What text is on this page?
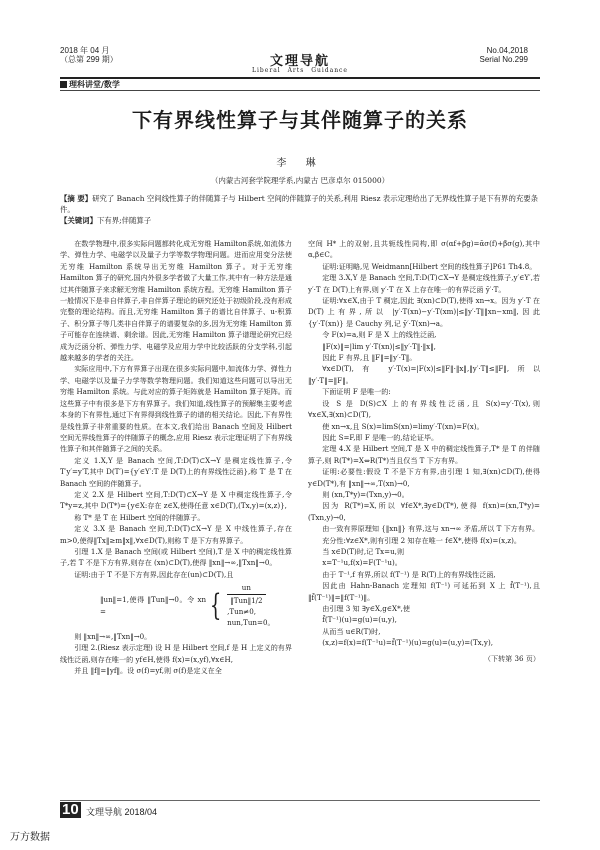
2018 年 04 月
（总第 299 期）
No.04,2018
Serial No.299
文理导航
Liberal Arts Guidance
理科讲堂/数学
下有界线性算子与其伴随算子的关系
李 琳
（内蒙古河套学院理学系,内蒙古 巴彦卓尔 015000）
【摘 要】研究了 Banach 空间线性算子的伴随算子与 Hilbert 空间的伴随算子的关系,利用 Riesz 表示定理给出了无界线性算子是下有界的充要条件。
【关键词】下有界;伴随算子

在数学物理中,很多实际问题都转化成无穷维 Hamilton系统,如流体力学、弹性力学、电磁学以及量子力学等数学物理问题。进而应用变分法使无穷维 Hamilton 系统导出无穷维 Hamilton 算子。对于无穷维 Hamilton 算子的研究,国内外很多学者做了大量工作,其中有一种方法是通过其伴随算子来求解无穷维 Hamilton 系统方程。无穷维 Hamilton 算子一般情况下是非自伴算子,非自伴算子理论的研究还处于初级阶段,没有形成完整的理论结构。而且,无穷维 Hamilton 算子的谱比自伴算子、u-积算子、积分算子等几类非自伴算子的谱要复杂的多,因为无穷维 Hamilton 算子可能存在连续谱、剩余谱。因此,无穷维 Hamilton 算子谱理论研究已经成为泛函分析、弹性力学、电磁学及应用力学中比较活跃的分支学科,引起越来越多的学者的关注。

实际应用中,下方有界算子出现在很多实际问题中,如流体力学、弹性力学、电磁学以及量子力学等数学物理问题。我们知道这些问题可以导出无穷维 Hamilton 系统。与此对应的算子矩阵就是 Hamilton 算子矩阵。而这些算子中有很多是下方有界算子。我们知道,线性算子的预解集主要考虑本身的下有界性,通过下有界得到线性算子的谱的相关结论。因此,下有界性是线性算子非常重要的性质。在本文,我们给出 Banach 空间及 Hilbert 空间无界线性算子的伴随算子的概念,应用 Riesz 表示定理证明了下有界线性算子和其伴随算子之间的关系。

定义 1.X,Y 是 Banach 空间,T:D(T)⊂X→Y 是稠定线性算子,令 T′y′=y′T,其中 D(T′)={y′∈Y′:T 是 D(T)上的有界线性泛函},称 T′ 是 T 在 Banach 空间的伴随算子。

定义 2.X 是 Hilbert 空间,T:D(T)⊂X→Y 是 X 中稠定线性算子,令 T*y=z,其中 D(T*)={y∈X:存在 z∈X,使得任意 x∈D(T),(Tx,y)=(x,z)},

称 T* 是 T 在 Hilbert 空间的伴随算子。

定义 3.X 是 Banach 空间,T:D(T)⊂X→Y 是 X 中线性算子,存在 m>0,使得‖Tx‖≥m‖x‖,∀x∈D(T),则称 T 是下方有界算子。

引理 1.X 是 Banach 空间(或 Hilbert 空间),T 是 X 中的稠定线性算子,若 T 不是下方有界,则存在 (xn)⊂D(T),使得 ‖xn‖→∞,‖Txn‖→0。

证明:由于 T 不是下方有界,因此存在(un)⊂D(T),且

‖un‖=1,使得 ‖Tun‖→0。令 xn =	{ $\frac{un}{\text{‖Tun‖1/2}}$
,Tun≠0,
nun,Tun=0。

则 ‖xn‖→∞,‖Txn‖→0。

引理 2.(Riesz 表示定理) 设 H 是 Hilbert 空间,f 是 H 上定义的有界线性泛函,则存在唯一的 yf∈H,使得 f(x)=(x,yf),∀x∈H,

并且 ‖f‖=‖yf‖。设 σ(f)=yf,则 σ(f)是定义在全

空间 H* 上的双射,且共轭线性同构,即 σ(αf+βg)=ᾱσ(f)+β̄σ(g),其中 α,β∈C。

证明:证明略,见 Weidmann[Hilbert 空间的线性算子]P61 Th4.8。

定理 3.X,Y 是 Banach 空间,T:D(T)⊂X→Y 是稠定线性算子,y′∈Y′,若 y′·T 在 D(T)上有界,则 y′·T 在 X 上存在唯一的有界泛函 ȳ′·T。

证明:∀x∈X,由于 T 稠定,因此 ∃(xn)⊂D(T),使得 xn→x。因为 y′·T 在 D(T)上有界,所以 |y′·T(xn)−y′·T(xm)|≤‖y′·T‖‖xn−xm‖,因此 {y′·T(xn)} 是 Cauchy 列,记 ȳ′·T(xn)→a。

令 F(x)=a,则 F 是 X 上的线性泛函,

‖F(x)‖=|lim y′·T(xn)|≤‖y′·T‖·‖x‖,

因此 F 有界,且 ‖F‖=‖y′·T‖。

∀x∈D(T),有 y′·T(x)=|F(x)|≤‖F‖·‖x‖,‖y′·T‖≤‖F‖,所以 ‖y′·T‖=‖F‖。

下面证明 F 是唯一的:

设 S 是 D(S)⊂X 上的有界线性泛函,且 S(x)=y′·T(x),则 ∀x∈X,∃(xn)⊂D(T),

使 xn→x,且 S(x)=limS(xn)=limy′·T(xn)=F(x)。

因此 S=F,即 F 是唯一的,结论证毕。

定理 4.X 是 Hilbert 空间,T 是 X 中的稠定线性算子,T* 是 T 的伴随算子,则 R(T*)=X⇔R(T*)当且仅当 T 下方有界。

证明:必要性:假设 T 不是下方有界,由引理 1 知,∃(xn)⊂D(T),使得 y∈D(T*),有 ‖xn‖→∞,T(xn)→0,

则 (xn,T*y)=(Txn,y)→0。

因为 R(T*)=X,所以 ∀f∈X*,∃y∈D(T*),使得 f(xn)=(xn,T*y)=(Txn,y)→0,

由一致有界原理知 {‖xn‖} 有界,这与 xn→∞ 矛盾,所以 T 下方有界。

充分性:∀z∈X*,则有引理 2 知存在唯一 f∈X*,使得 f(x)=(x,z)。

当 x∈D(T)时,记 Tx=u,则

x=T⁻¹u,f(x)=F(T⁻¹u)。

由于 T⁻¹,f 有界,所以 f(T⁻¹) 是 R(T)上的有界线性泛函,

因此由 Hahn-Banach 定理知 f(T⁻¹) 可延拓到 X 上 f̄(T⁻¹),且 ‖f̄(T⁻¹)‖=‖f(T⁻¹)‖。

由引理 3 知 ∃y∈X,g∈X*,使

f̄(T⁻¹)(u)=g(u)=(u,y),

从而当 u∈R(T)时,

(x,z)=f(x)=f(T⁻¹u)=f̄(T⁻¹)(u)=g(u)=(u,y)=(Tx,y),

（下转第 36 页）
10 文理导航 2018/04
万方数据
